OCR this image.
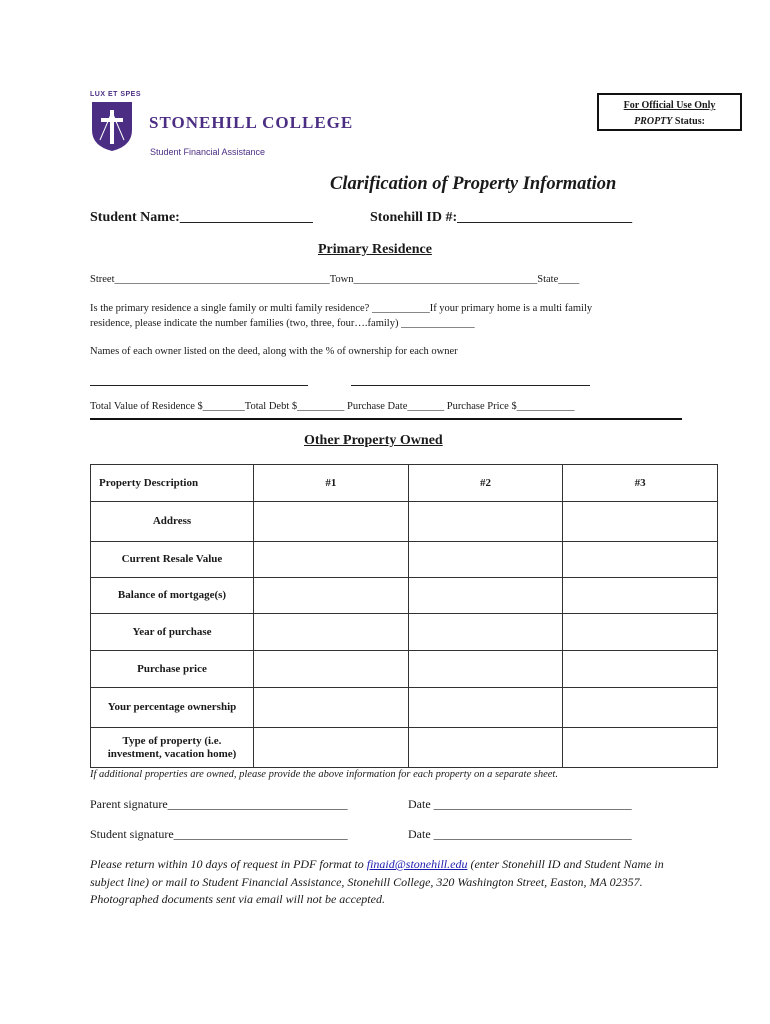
LUX ET SPES
STONEHILL COLLEGE
Student Financial Assistance
For Official Use Only
PROPTY Status:
Clarification of Property Information
Student Name:___________________	Stonehill ID #:_________________________
Primary Residence
Street_________________________________________Town___________________________________State____
Is the primary residence a single family or multi family residence? ___________If your primary home is a multi family
residence, please indicate the number families (two, three, four….family) ______________
Names of each owner listed on the deed, along with the % of ownership for each owner
Total Value of Residence $________Total Debt $_________ Purchase Date_______ Purchase Price $___________
Other Property Owned
Property Description	#1	#2	#3
Address			
Current Resale Value			
Balance of mortgage(s)			
Year of purchase			
Purchase price			
Your percentage ownership			
Type of property (i.e. investment, vacation home)			
If additional properties are owned, please provide the above information for each property on a separate sheet.
Parent signature______________________________	Date _________________________________
Student signature_____________________________	Date _________________________________
Please return within 10 days of request in PDF format to finaid@stonehill.edu (enter Stonehill ID and Student Name in subject line) or mail to Student Financial Assistance, Stonehill College, 320 Washington Street, Easton, MA 02357. Photographed documents sent via email will not be accepted.
